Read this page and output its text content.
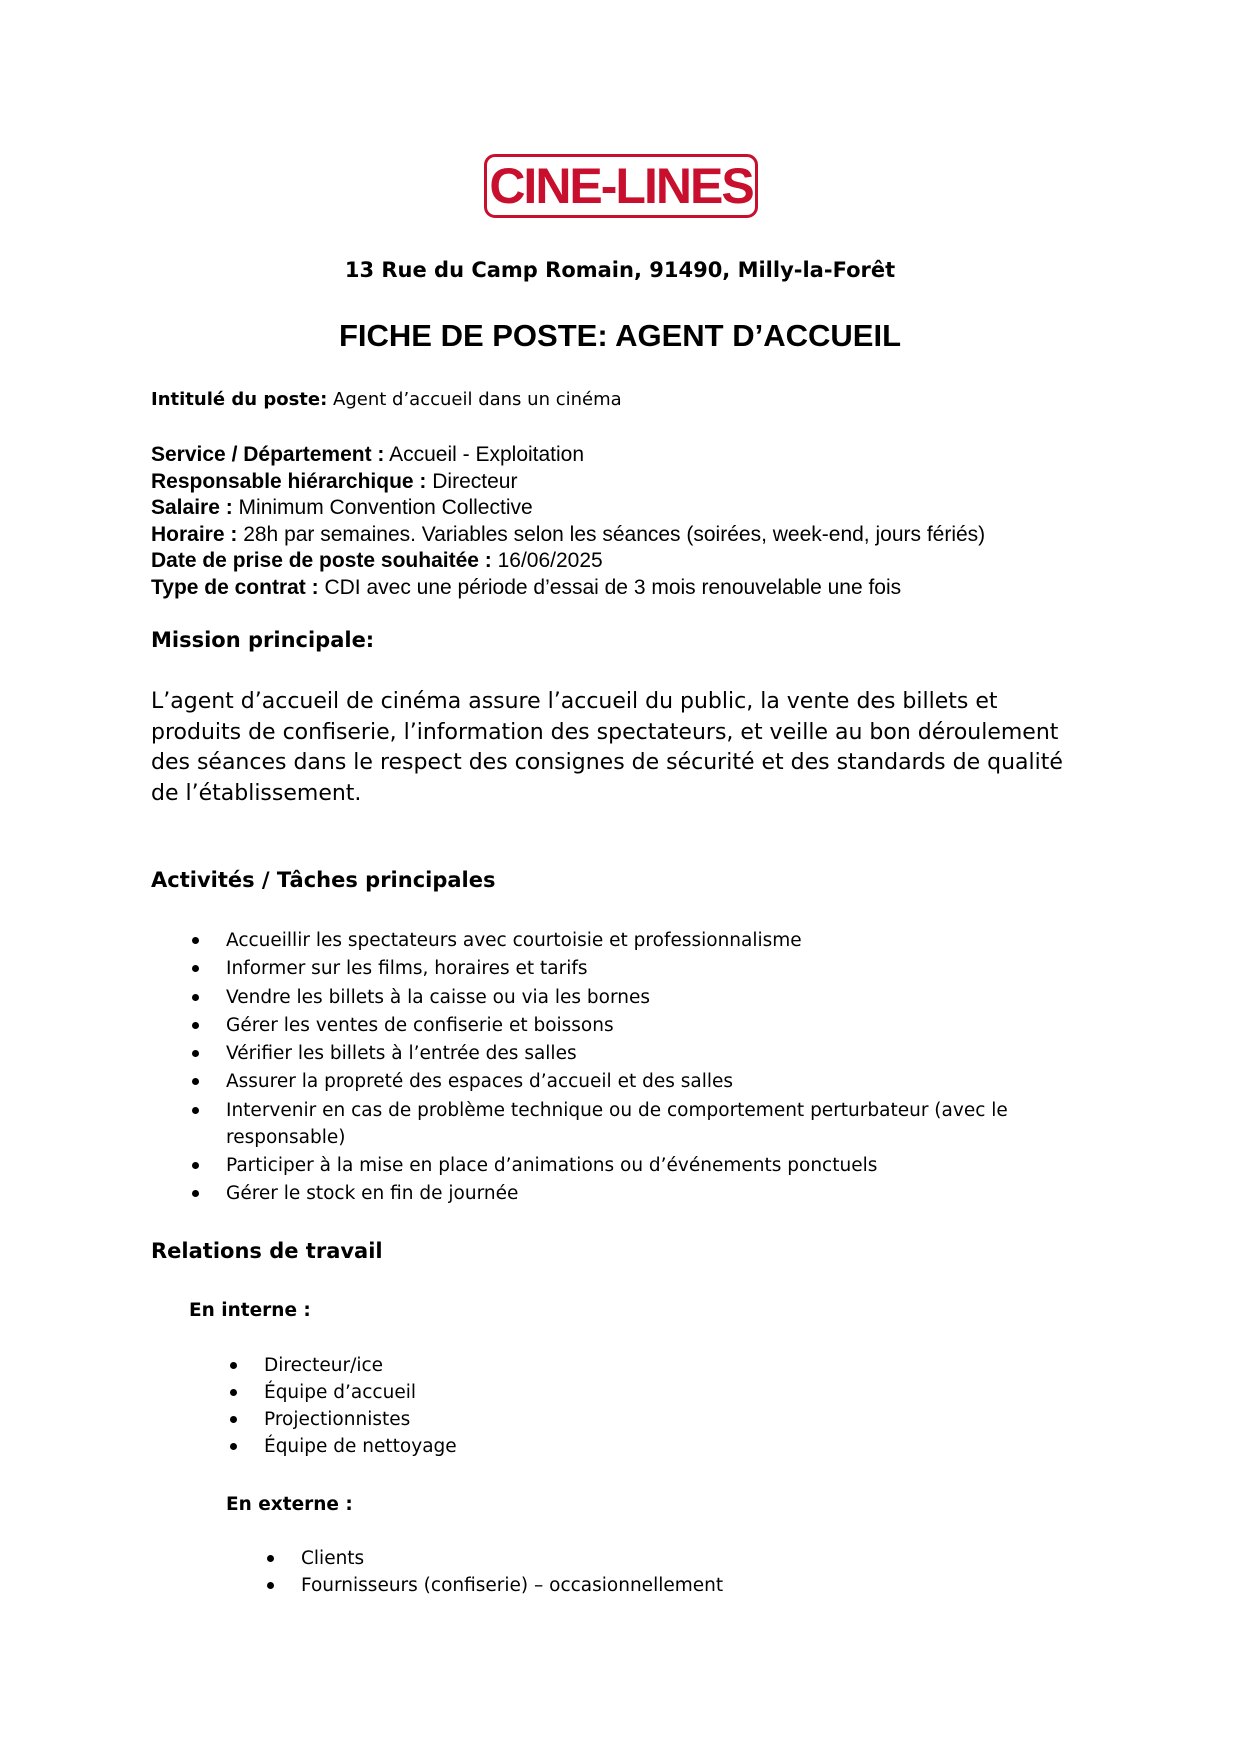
CINE-LINES
13 Rue du Camp Romain, 91490, Milly-la-Forêt
FICHE DE POSTE: AGENT D’ACCUEIL
Intitulé du poste: Agent d’accueil dans un cinéma
Service / Département : Accueil - Exploitation
Responsable hiérarchique : Directeur
Salaire : Minimum Convention Collective
Horaire : 28h par semaines. Variables selon les séances (soirées, week-end, jours fériés)
Date de prise de poste souhaitée : 16/06/2025
Type de contrat : CDI avec une période d’essai de 3 mois renouvelable une fois
Mission principale:
L’agent d’accueil de cinéma assure l’accueil du public, la vente des billets et produits de confiserie, l’information des spectateurs, et veille au bon déroulement des séances dans le respect des consignes de sécurité et des standards de qualité de l’établissement.
Activités / Tâches principales
Accueillir les spectateurs avec courtoisie et professionnalisme
Informer sur les films, horaires et tarifs
Vendre les billets à la caisse ou via les bornes
Gérer les ventes de confiserie et boissons
Vérifier les billets à l’entrée des salles
Assurer la propreté des espaces d’accueil et des salles
Intervenir en cas de problème technique ou de comportement perturbateur (avec le responsable)
Participer à la mise en place d’animations ou d’événements ponctuels
Gérer le stock en fin de journée
Relations de travail
En interne :
Directeur/ice
Équipe d’accueil
Projectionnistes
Équipe de nettoyage
En externe :
Clients
Fournisseurs (confiserie) – occasionnellement
